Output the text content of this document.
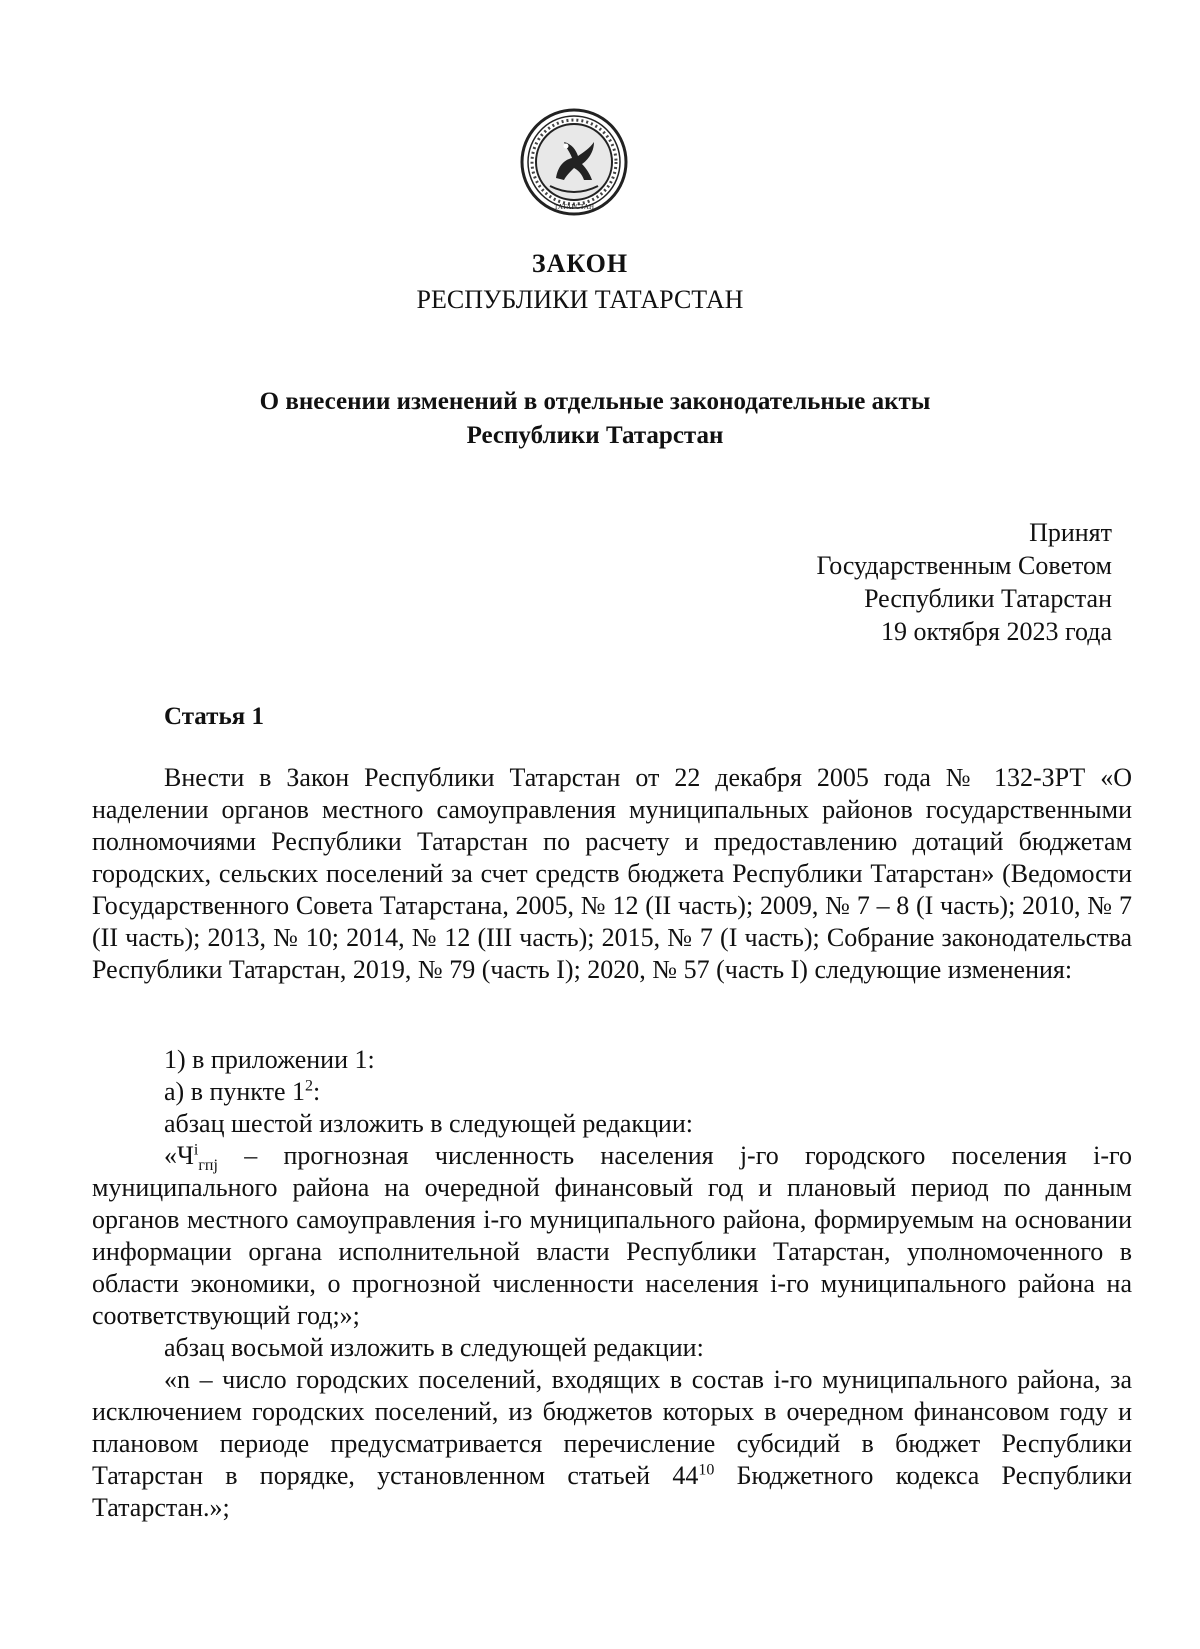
ТАТАРСТАН
ЗАКОН
РЕСПУБЛИКИ ТАТАРСТАН
О внесении изменений в отдельные законодательные акты
Республики Татарстан
Принят
Государственным Советом
Республики Татарстан
19 октября 2023 года
Статья 1

Внести в Закон Республики Татарстан от 22 декабря 2005 года № 132-ЗРТ «О наделении органов местного самоуправления муниципальных районов государственными полномочиями Республики Татарстан по расчету и предоставлению дотаций бюджетам городских, сельских поселений за счет средств бюджета Республики Татарстан» (Ведомости Государственного Совета Татарстана, 2005, № 12 (II часть); 2009, № 7 – 8 (I часть); 2010, № 7 (II часть); 2013, № 10; 2014, № 12 (III часть); 2015, № 7 (I часть); Собрание законодательства Республики Татарстан, 2019, № 79 (часть I); 2020, № 57 (часть I) следующие изменения:

1) в приложении 1:

а) в пункте $1^2$:

абзац шестой изложить в следующей редакции:

«$Ч^i_{гпj}$ – прогнозная численность населения j-го городского поселения i-го муниципального района на очередной финансовый год и плановый период по данным органов местного самоуправления i-го муниципального района, формируемым на основании информации органа исполнительной власти Республики Татарстан, уполномоченного в области экономики, о прогнозной численности населения i-го муниципального района на соответствующий год;»;

абзац восьмой изложить в следующей редакции:

«n – число городских поселений, входящих в состав i-го муниципального района, за исключением городских поселений, из бюджетов которых в очередном финансовом году и плановом периоде предусматривается перечисление субсидий в бюджет Республики Татарстан в порядке, установленном статьей $44^{10}$ Бюджетного кодекса Республики Татарстан.»;
